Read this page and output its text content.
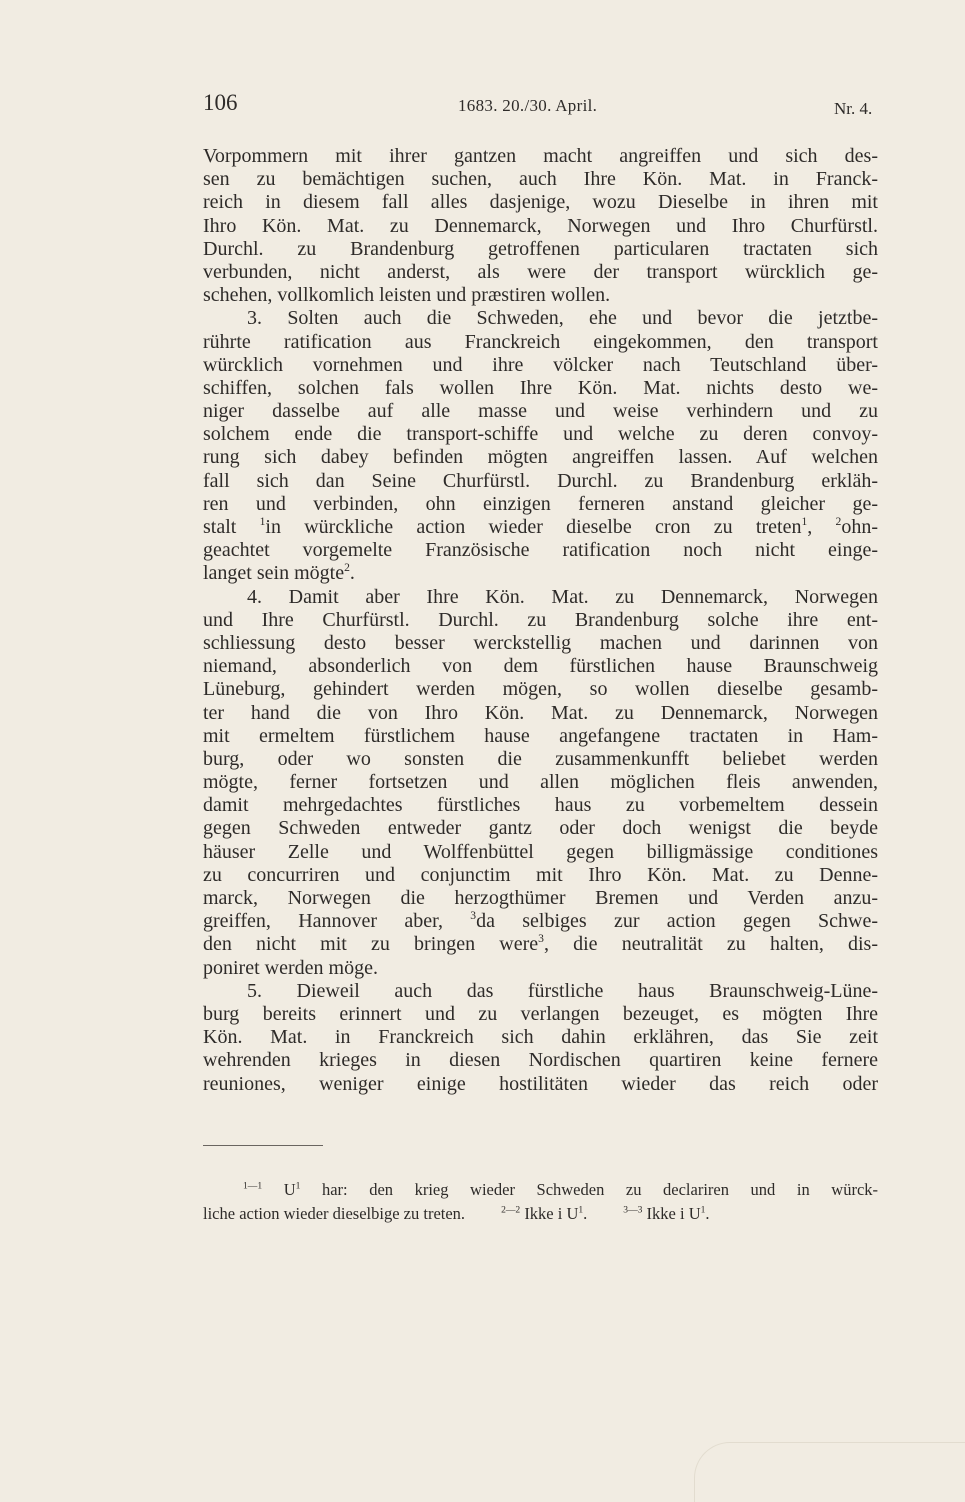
106	1683. 20./30. April.	Nr. 4.
Vorpommern mit ihrer gantzen macht angreiffen und sich des-
sen zu bemächtigen suchen, auch Ihre Kön. Mat. in Franck-
reich in diesem fall alles dasjenige, wozu Dieselbe in ihren mit
Ihro Kön. Mat. zu Dennemarck, Norwegen und Ihro Churfürstl.
Durchl. zu Brandenburg getroffenen particularen tractaten sich
verbunden, nicht anderst, als were der transport würcklich ge-
schehen, vollkomlich leisten und præstiren wollen.
3. Solten auch die Schweden, ehe und bevor die jetztbe-
rührte ratification aus Franckreich eingekommen, den transport
würcklich vornehmen und ihre völcker nach Teutschland über-
schiffen, solchen fals wollen Ihre Kön. Mat. nichts desto we-
niger dasselbe auf alle masse und weise verhindern und zu
solchem ende die transport-schiffe und welche zu deren convoy-
rung sich dabey befinden mögten angreiffen lassen. Auf welchen
fall sich dan Seine Churfürstl. Durchl. zu Brandenburg erkläh-
ren und verbinden, ohn einzigen ferneren anstand gleicher ge-
stalt $^1$in würckliche action wieder dieselbe cron zu treten$^1$, $^2$ohn-
geachtet vorgemelte Französische ratification noch nicht einge-
langet sein mögte$^2$.
4. Damit aber Ihre Kön. Mat. zu Dennemarck, Norwegen
und Ihre Churfürstl. Durchl. zu Brandenburg solche ihre ent-
schliessung desto besser werckstellig machen und darinnen von
niemand, absonderlich von dem fürstlichen hause Braunschweig
Lüneburg, gehindert werden mögen, so wollen dieselbe gesamb-
ter hand die von Ihro Kön. Mat. zu Dennemarck, Norwegen
mit ermeltem fürstlichem hause angefangene tractaten in Ham-
burg, oder wo sonsten die zusammenkunfft beliebet werden
mögte, ferner fortsetzen und allen möglichen fleis anwenden,
damit mehrgedachtes fürstliches haus zu vorbemeltem dessein
gegen Schweden entweder gantz oder doch wenigst die beyde
häuser Zelle und Wolffenbüttel gegen billigmässige conditiones
zu concurriren und conjunctim mit Ihro Kön. Mat. zu Denne-
marck, Norwegen die herzogthümer Bremen und Verden anzu-
greiffen, Hannover aber, $^3$da selbiges zur action gegen Schwe-
den nicht mit zu bringen were$^3$, die neutralität zu halten, dis-
poniret werden möge.
5. Dieweil auch das fürstliche haus Braunschweig-Lüne-
burg bereits erinnert und zu verlangen bezeuget, es mögten Ihre
Kön. Mat. in Franckreich sich dahin erklähren, das Sie zeit
wehrenden krieges in diesen Nordischen quartiren keine fernere
reuniones, weniger einige hostilitäten wieder das reich oder
$^{1—1}$ $U^1$ har: den krieg wieder Schweden zu declariren und in würck-
liche action wieder dieselbige zu treten.	$^{2—2}$ Ikke i $U^1$.	$^{3—3}$ Ikke i $U^1$.
